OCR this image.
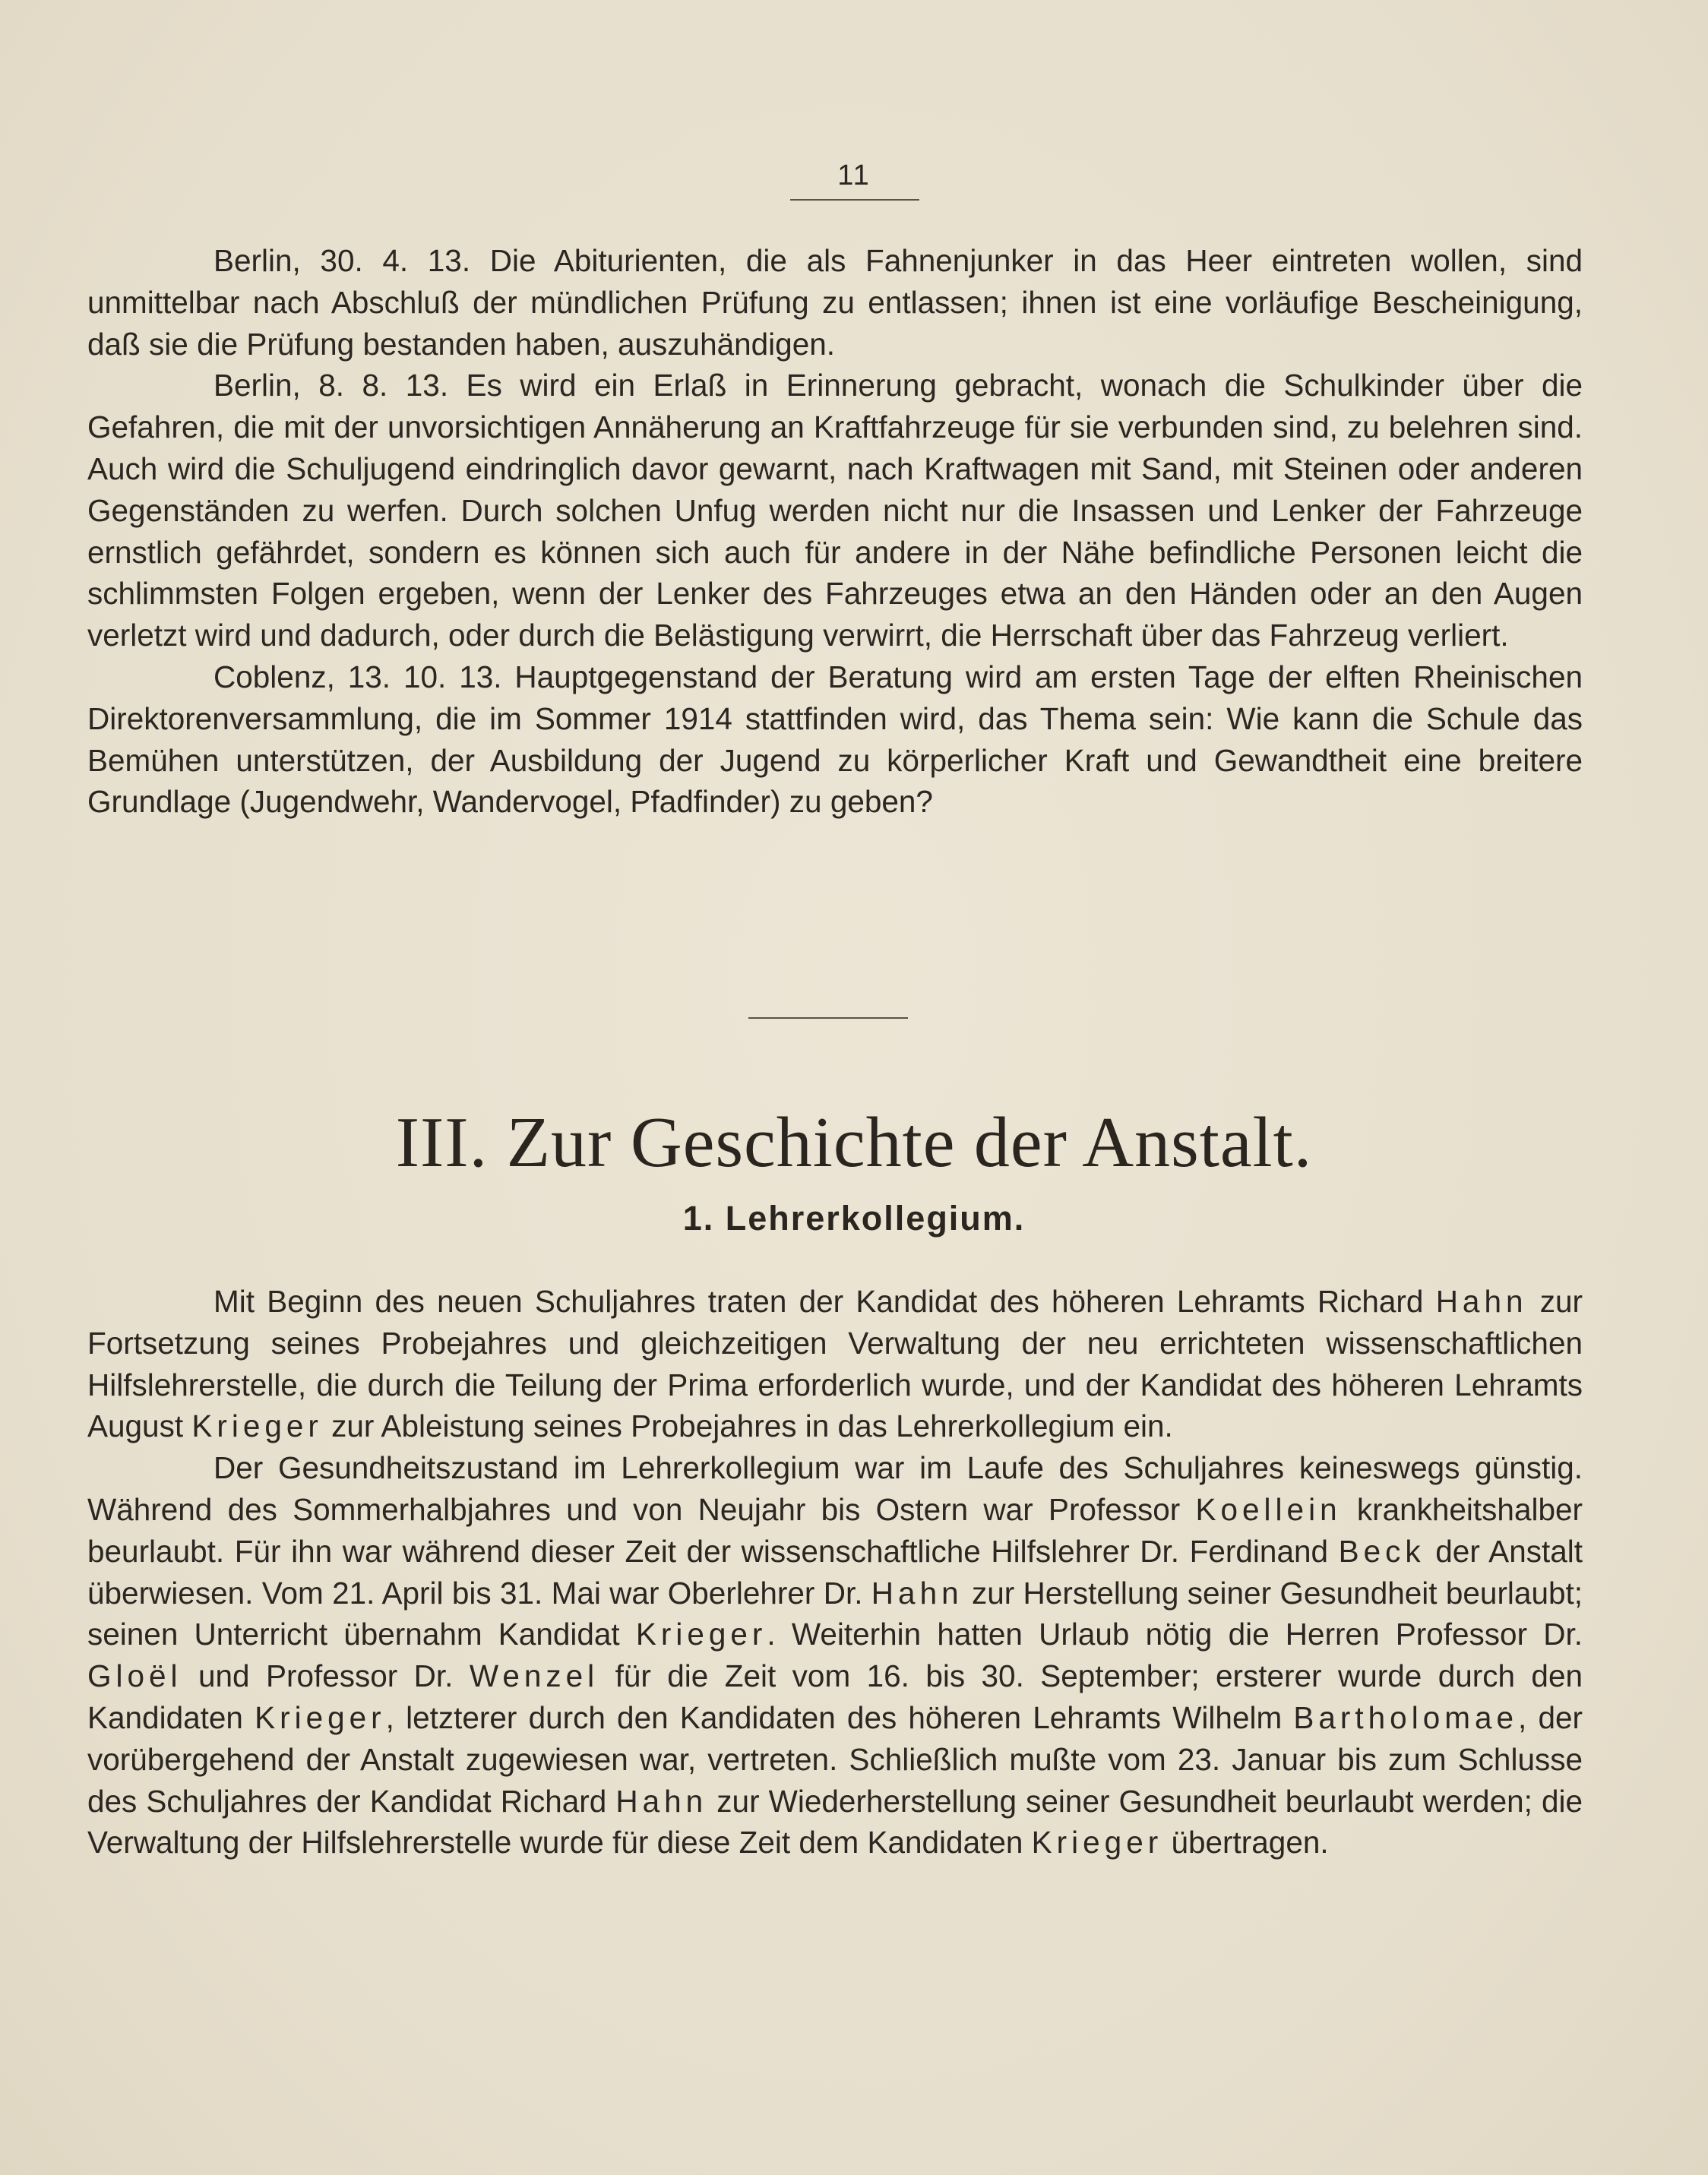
11

Berlin, 30. 4. 13. Die Abiturienten, die als Fahnenjunker in das Heer eintreten wollen, sind unmittelbar nach Abschluß der mündlichen Prüfung zu entlassen; ihnen ist eine vorläufige Bescheinigung, daß sie die Prüfung bestanden haben, auszuhändigen.

Berlin, 8. 8. 13. Es wird ein Erlaß in Erinnerung gebracht, wonach die Schulkinder über die Gefahren, die mit der unvorsichtigen Annäherung an Kraftfahrzeuge für sie verbunden sind, zu belehren sind. Auch wird die Schuljugend eindringlich davor gewarnt, nach Kraftwagen mit Sand, mit Steinen oder anderen Gegenständen zu werfen. Durch solchen Unfug werden nicht nur die Insassen und Lenker der Fahrzeuge ernstlich gefährdet, sondern es können sich auch für andere in der Nähe befindliche Personen leicht die schlimmsten Folgen ergeben, wenn der Lenker des Fahrzeuges etwa an den Händen oder an den Augen verletzt wird und dadurch, oder durch die Belästigung verwirrt, die Herrschaft über das Fahrzeug verliert.

Coblenz, 13. 10. 13. Hauptgegenstand der Beratung wird am ersten Tage der elften Rheinischen Direktorenversammlung, die im Sommer 1914 stattfinden wird, das Thema sein: Wie kann die Schule das Bemühen unterstützen, der Ausbildung der Jugend zu körperlicher Kraft und Gewandtheit eine breitere Grundlage (Jugendwehr, Wandervogel, Pfadfinder) zu geben?

III. Zur Geschichte der Anstalt.
1. Lehrerkollegium.

Mit Beginn des neuen Schuljahres traten der Kandidat des höheren Lehramts Richard Hahn zur Fortsetzung seines Probejahres und gleichzeitigen Verwaltung der neu errichteten wissenschaftlichen Hilfslehrerstelle, die durch die Teilung der Prima erforderlich wurde, und der Kandidat des höheren Lehramts August Krieger zur Ableistung seines Probejahres in das Lehrerkollegium ein.

Der Gesundheitszustand im Lehrerkollegium war im Laufe des Schuljahres keineswegs günstig. Während des Sommerhalbjahres und von Neujahr bis Ostern war Professor Koellein krankheitshalber beurlaubt. Für ihn war während dieser Zeit der wissenschaftliche Hilfslehrer Dr. Ferdinand Beck der Anstalt überwiesen. Vom 21. April bis 31. Mai war Oberlehrer Dr. Hahn zur Herstellung seiner Gesundheit beurlaubt; seinen Unterricht übernahm Kandidat Krieger. Weiterhin hatten Urlaub nötig die Herren Professor Dr. Gloël und Professor Dr. Wenzel für die Zeit vom 16. bis 30. September; ersterer wurde durch den Kandidaten Krieger, letzterer durch den Kandidaten des höheren Lehramts Wilhelm Bartholomae, der vorübergehend der Anstalt zugewiesen war, vertreten. Schließlich mußte vom 23. Januar bis zum Schlusse des Schuljahres der Kandidat Richard Hahn zur Wiederherstellung seiner Gesundheit beurlaubt werden; die Verwaltung der Hilfslehrerstelle wurde für diese Zeit dem Kandidaten Krieger übertragen.
